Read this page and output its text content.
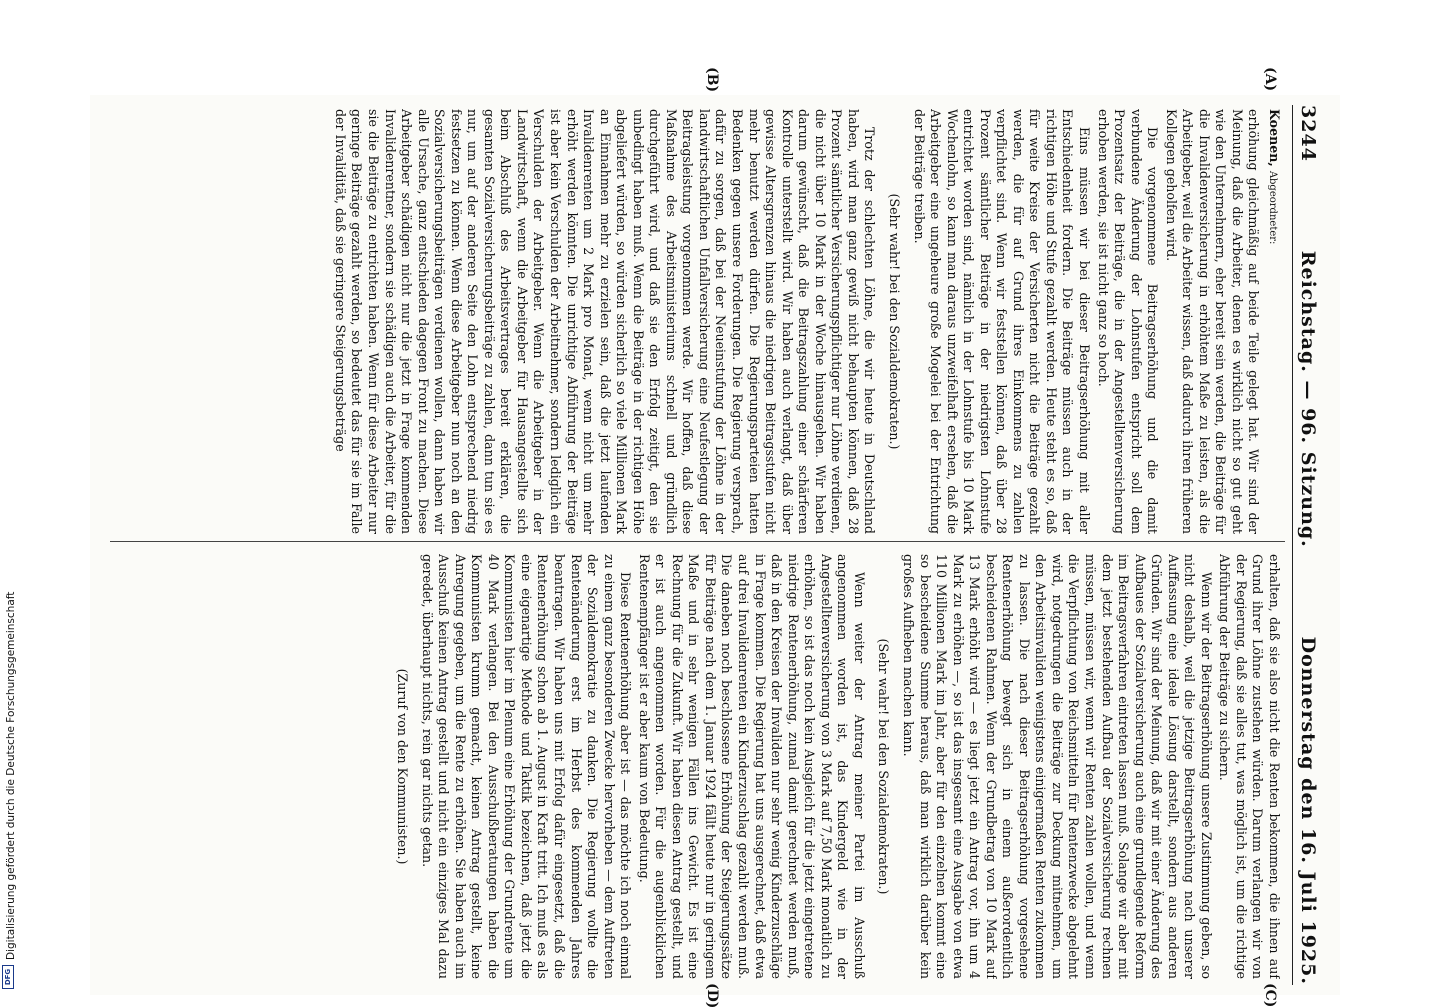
3244
Reichstag. — 96. Sitzung.
Donnerstag den 16. Juli 1925.
(A)
(B)
(C)
(D)

Koenen, Abgeordneter:

erhöhung gleichmäßig auf beide Teile gelegt hat. Wir sind der Meinung, daß die Arbeiter, denen es wirklich nicht so gut geht wie den Unternehmern, eher bereit sein werden, die Beiträge für die Invalidenversicherung in erhöhtem Maße zu leisten, als die Arbeitgeber, weil die Arbeiter wissen, daß dadurch ihren früheren Kollegen geholfen wird.

Die vorgenommene Beitragserhöhung und die damit verbundene Änderung der Lohnstufen entspricht soll dem Prozentsatz der Beiträge, die in der Angestelltenversicherung erhoben werden, sie ist nicht ganz so hoch.

Eins müssen wir bei dieser Beitragserhöhung mit aller Entschiedenheit fordern. Die Beiträge müssen auch in der richtigen Höhe und Stufe gezahlt werden. Heute steht es so, daß für weite Kreise der Versicherten nicht die Beiträge gezahlt werden, die für auf Grund ihres Einkommens zu zahlen verpflichtet sind. Wenn wir feststellen können, daß über 28 Prozent sämtlicher Beiträge in der niedrigsten Lohnstufe entrichtet worden sind, nämlich in der Lohnstufe bis 10 Mark Wochenlohn, so kann man daraus unzweifelhaft ersehen, daß die Arbeitgeber eine ungeheure große Mogelei bei der Entrichtung der Beiträge treiben.

(Sehr wahr! bei den Sozialdemokraten.)

Trotz der schlechten Löhne, die wir heute in Deutschland haben, wird man ganz gewiß nicht behaupten können, daß 28 Prozent sämtlicher Versicherungspflichtiger nur Löhne verdienen, die nicht über 10 Mark in der Woche hinausgehen. Wir haben darum gewünscht, daß die Beitragszahlung einer schärferen Kontrolle unterstellt wird. Wir haben auch verlangt, daß über gewisse Altersgrenzen hinaus die niedrigen Beitragsstufen nicht mehr benutzt werden dürfen. Die Regierungsparteien hatten Bedenken gegen unsere Forderungen. Die Regierung versprach, dafür zu sorgen, daß bei der Neueinstufung der Löhne in der landwirtschaftlichen Unfallversicherung eine Neufestlegung der Beitragsleistung vorgenommen werde. Wir hoffen, daß diese Maßnahme des Arbeitsministeriums schnell und gründlich durchgeführt wird, und daß sie den Erfolg zeitigt, den sie unbedingt haben muß. Wenn die Beiträge in der richtigen Höhe abgeliefert würden, so würden sicherlich so viele Millionen Mark an Einnahmen mehr zu erzielen sein, daß die jetzt laufenden Invalidenrenten um 2 Mark pro Monat, wenn nicht um mehr erhöht werden könnten. Die unrichtige Abführung der Beiträge ist aber kein Verschulden der Arbeitnehmer, sondern lediglich ein Verschulden der Arbeitgeber. Wenn die Arbeitgeber in der Landwirtschaft, wenn die Arbeitgeber für Hausangestellte sich beim Abschluß des Arbeitsvertrages bereit erklären, die gesamten Sozialversicherungsbeiträge zu zahlen, dann tun sie es nur, um auf der anderen Seite den Lohn entsprechend niedrig festsetzen zu können. Wenn diese Arbeitgeber nun noch an den Sozialversicherungsbeiträgen verdienen wollen, dann haben wir alle Ursache, ganz entschieden dagegen Front zu machen. Diese Arbeitgeber schädigen nicht nur die jetzt in Frage kommenden Invalidenrentner, sondern sie schädigen auch die Arbeiter, für die sie die Beiträge zu entrichten haben. Wenn für diese Arbeiter nur geringe Beiträge gezahlt werden, so bedeutet das für sie im Falle der Invalidität, daß sie geringere Steigerungsbeträge

erhalten, daß sie also nicht die Renten bekommen, die ihnen auf Grund ihrer Löhne zustehen würden. Darum verlangen wir von der Regierung, daß sie alles tut, was möglich ist, um die richtige Abführung der Beiträge zu sichern.

Wenn wir der Beitragserhöhung unsere Zustimmung geben, so nicht deshalb, weil die jetzige Beitragserhöhung nach unserer Auffassung eine ideale Lösung darstellt, sondern aus anderen Gründen. Wir sind der Meinung, daß wir mit einer Änderung des Aufbaues der Sozialversicherung auch eine grundlegende Reform im Beitragsverfahren eintreten lassen muß. Solange wir aber mit dem jetzt bestehenden Aufbau der Sozialversicherung rechnen müssen, müssen wir, wenn wir Renten zahlen wollen, und wenn die Verpflichtung von Reichsmitteln für Rentenzwecke abgelehnt wird, notgedrungen die Beiträge zur Deckung mitnehmen, um den Arbeitsinvaliden wenigstens einigermaßen Renten zukommen zu lassen. Die nach dieser Beitragserhöhung vorgesehene Rentenerhöhung bewegt sich in einem außerordentlich bescheidenen Rahmen. Wenn der Grundbetrag von 10 Mark auf 13 Mark erhöht wird — es liegt jetzt ein Antrag vor, ihn um 4 Mark zu erhöhen —, so ist das insgesamt eine Ausgabe von etwa 110 Millionen Mark im Jahr, aber für den einzelnen kommt eine so bescheidene Summe heraus, daß man wirklich darüber kein großes Aufheben machen kann.

(Sehr wahr! bei den Sozialdemokraten.)

Wenn weiter der Antrag meiner Partei im Ausschuß angenommen worden ist, das Kindergeld wie in der Angestelltenversicherung von 3 Mark auf 7,50 Mark monatlich zu erhöhen, so ist das noch kein Ausgleich für die jetzt eingetretene niedrige Rentenerhöhung, zumal damit gerechnet werden muß, daß in den Kreisen der Invaliden nur sehr wenig Kinderzuschläge in Frage kommen. Die Regierung hat uns ausgerechnet, daß etwa auf drei Invalidenrenten ein Kinderzuschlag gezahlt werden muß. Die daneben noch beschlossene Erhöhung der Steigerungssätze für Beiträge nach dem 1. Januar 1924 fällt heute nur in geringem Maße und in sehr wenigen Fällen ins Gewicht. Es ist eine Rechnung für die Zukunft. Wir haben diesen Antrag gestellt, und er ist auch angenommen worden. Für die augenblicklichen Rentenempfänger ist er aber kaum von Bedeutung.

Diese Rentenerhöhung aber ist — das möchte ich noch einmal zu einem ganz besonderen Zwecke hervorheben — dem Auftreten der Sozialdemokratie zu danken. Die Regierung wollte die Rentenänderung erst im Herbst des kommenden Jahres beantragen. Wir haben uns mit Erfolg dafür eingesetzt, daß die Rentenerhöhung schon ab 1. August in Kraft tritt. Ich muß es als eine eigenartige Methode und Taktik bezeichnen, daß jetzt die Kommunisten hier im Plenum eine Erhöhung der Grundrente um 40 Mark verlangen. Bei den Ausschußberatungen haben die Kommunisten krumm gemacht, keinen Antrag gestellt, keine Anregung gegeben, um die Rente zu erhöhen. Sie haben auch im Ausschuß keinen Antrag gestellt und nicht ein einziges Mal dazu geredet, überhaupt nichts, rein gar nichts getan.

(Zuruf von den Kommunisten.)

Digitalisierung gefördert durch die Deutsche Forschungsgemeinschaft
DFG
